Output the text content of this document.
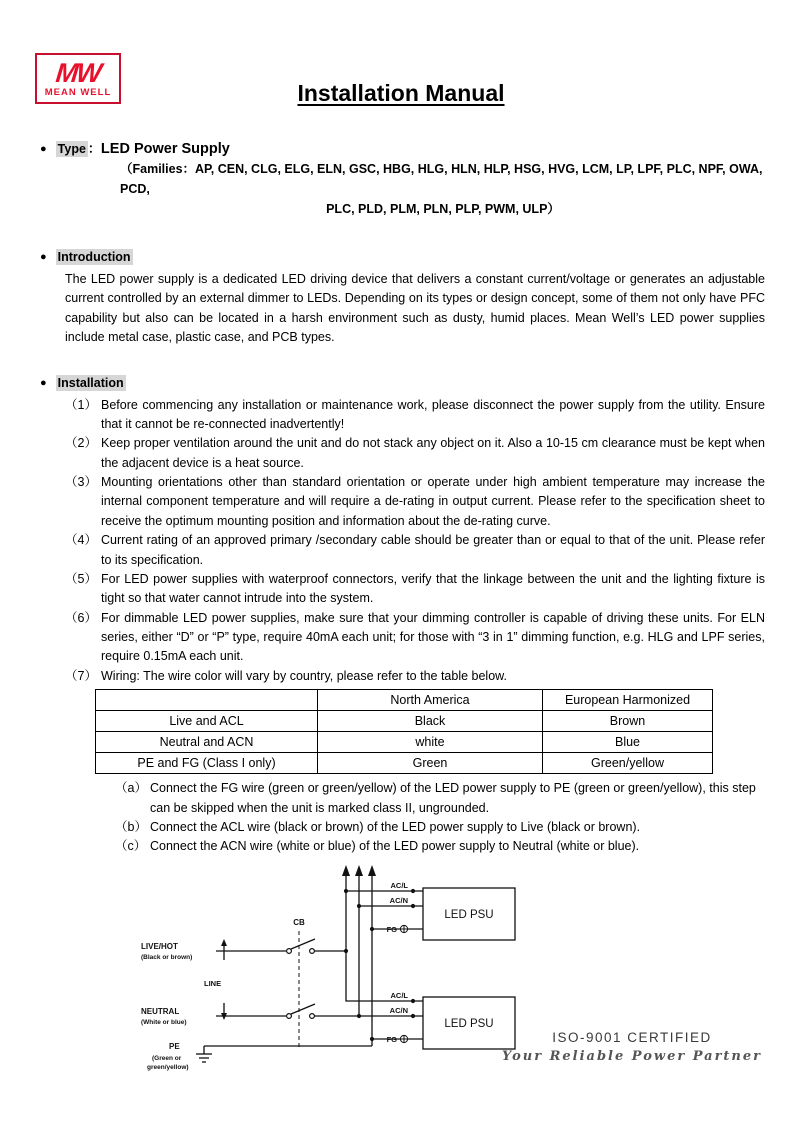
MW
MEAN WELL	Installation Manual
● Type ： LED Power Supply
（Families：AP, CEN, CLG, ELG, ELN, GSC, HBG, HLG, HLN, HLP, HSG, HVG, LCM, LP, LPF, PLC, NPF, OWA, PCD,
PLC, PLD, PLM, PLN, PLP, PWM, ULP）
● Introduction
The LED power supply is a dedicated LED driving device that delivers a constant current/voltage or generates an adjustable current controlled by an external dimmer to LEDs. Depending on its types or design concept, some of them not only have PFC capability but also can be located in a harsh environment such as dusty, humid places. Mean Well’s LED power supplies include metal case, plastic case, and PCB types.
● Installation
（1） Before commencing any installation or maintenance work, please disconnect the power supply from the utility. Ensure that it cannot be re-connected inadvertently!
（2） Keep proper ventilation around the unit and do not stack any object on it. Also a 10-15 cm clearance must be kept when the adjacent device is a heat source.
（3） Mounting orientations other than standard orientation or operate under high ambient temperature may increase the internal component temperature and will require a de-rating in output current. Please refer to the specification sheet to receive the optimum mounting position and information about the de-rating curve.
（4） Current rating of an approved primary /secondary cable should be greater than or equal to that of the unit. Please refer to its specification.
（5） For LED power supplies with waterproof connectors, verify that the linkage between the unit and the lighting fixture is tight so that water cannot intrude into the system.
（6） For dimmable LED power supplies, make sure that your dimming controller is capable of driving these units. For ELN series, either “D” or “P” type, require 40mA each unit; for those with “3 in 1” dimming function, e.g. HLG and LPF series, require 0.15mA each unit.
（7） Wiring: The wire color will vary by country, please refer to the table below.
	North America	European Harmonized
Live and ACL	Black	Brown
Neutral and ACN	white	Blue
PE and FG (Class I only)	Green	Green/yellow
（a） Connect the FG wire (green or green/yellow) of the LED power supply to PE (green or green/yellow), this step can be skipped when the unit is marked class II, ungrounded.
（b） Connect the ACL wire (black or brown) of the LED power supply to Live (black or brown).
（c） Connect the ACN wire (white or blue) of the LED power supply to Neutral (white or blue).
LED PSU
LED PSU
CB
LINE
LIVE/HOT
(Black or brown)
NEUTRAL
(White or blue)
PE
(Green or
green/yellow)
AC/L
AC/N
FG
AC/L
AC/N
FG	ISO-9001 CERTIFIED
Your Reliable Power Partner
